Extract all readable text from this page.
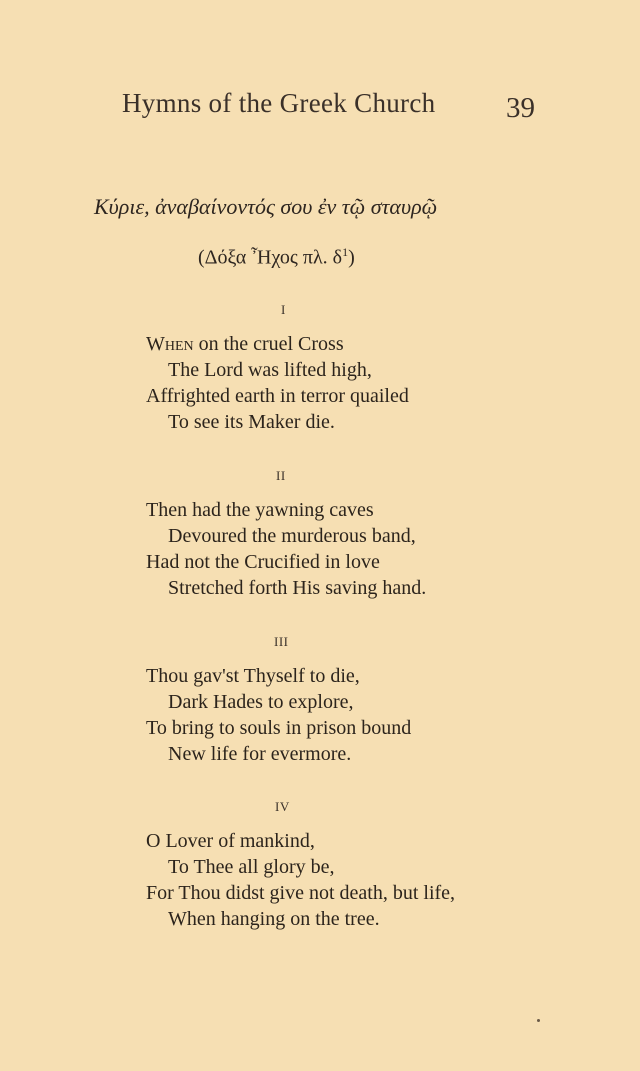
Hymns of the Greek Church 39
Κύριε, ἀναβαίνοντός σου ἐν τῷ σταυρῷ
(Δόξα Ἦχος πλ. $\delta^1$)
I
When on the cruel Cross
The Lord was lifted high,
Affrighted earth in terror quailed
To see its Maker die.
II
Then had the yawning caves
Devoured the murderous band,
Had not the Crucified in love
Stretched forth His saving hand.
III
Thou gav'st Thyself to die,
Dark Hades to explore,
To bring to souls in prison bound
New life for evermore.
IV
O Lover of mankind,
To Thee all glory be,
For Thou didst give not death, but life,
When hanging on the tree.
